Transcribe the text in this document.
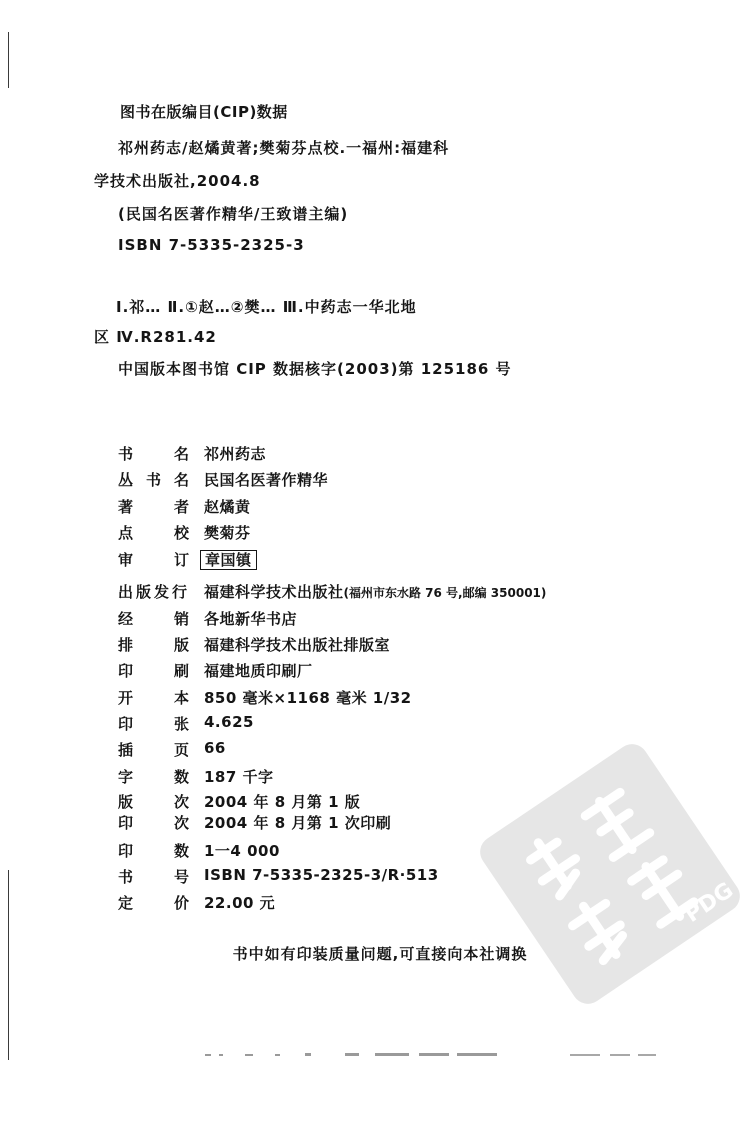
图书在版编目(CIP)数据
祁州药志/赵燏黄著;樊菊芬点校.一福州:福建科
学技术出版社,2004.8
(民国名医著作精华/王致谱主编)
ISBN 7-5335-2325-3
Ⅰ.祁… Ⅱ.①赵…②樊… Ⅲ.中药志一华北地
区 Ⅳ.R281.42
中国版本图书馆 CIP 数据核字(2003)第 125186 号
书	名 祁州药志
丛 书 名 民国名医著作精华
著	者 赵燏黄
点	校 樊菊芬
审	订 章国镇
出 版 发 行 福建科学技术出版社(福州市东水路 76 号,邮编 350001)
经	销 各地新华书店
排	版 福建科学技术出版社排版室
印	刷 福建地质印刷厂
开	本 850 毫米×1168 毫米 1/32
印	张 4.625
插	页 66
字	数 187 千字
版	次 2004 年 8 月第 1 版
印	次 2004 年 8 月第 1 次印刷
印	数 1一4 000
书	号 ISBN 7-5335-2325-3/R·513
定	价 22.00 元	PDG
书中如有印装质量问题,可直接向本社调换
